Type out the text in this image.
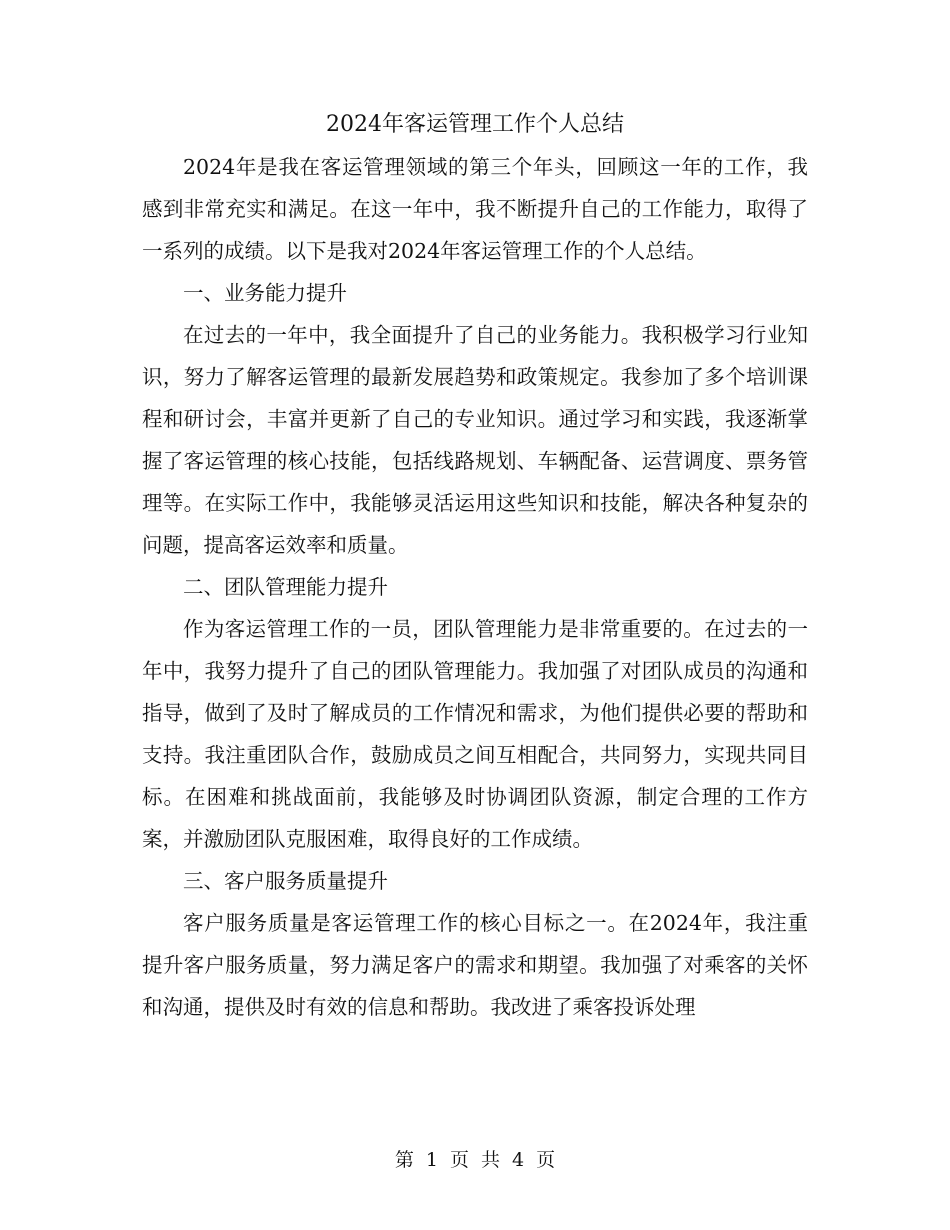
2024年客运管理工作个人总结

2024年是我在客运管理领域的第三个年头，回顾这一年的工作，我感到非常充实和满足。在这一年中，我不断提升自己的工作能力，取得了一系列的成绩。以下是我对2024年客运管理工作的个人总结。

一、业务能力提升

在过去的一年中，我全面提升了自己的业务能力。我积极学习行业知识，努力了解客运管理的最新发展趋势和政策规定。我参加了多个培训课程和研讨会，丰富并更新了自己的专业知识。通过学习和实践，我逐渐掌握了客运管理的核心技能，包括线路规划、车辆配备、运营调度、票务管理等。在实际工作中，我能够灵活运用这些知识和技能，解决各种复杂的问题，提高客运效率和质量。

二、团队管理能力提升

作为客运管理工作的一员，团队管理能力是非常重要的。在过去的一年中，我努力提升了自己的团队管理能力。我加强了对团队成员的沟通和指导，做到了及时了解成员的工作情况和需求，为他们提供必要的帮助和支持。我注重团队合作，鼓励成员之间互相配合，共同努力，实现共同目标。在困难和挑战面前，我能够及时协调团队资源，制定合理的工作方案，并激励团队克服困难，取得良好的工作成绩。

三、客户服务质量提升

客户服务质量是客运管理工作的核心目标之一。在2024年，我注重提升客户服务质量，努力满足客户的需求和期望。我加强了对乘客的关怀和沟通，提供及时有效的信息和帮助。我改进了乘客投诉处理

第 1 页 共 4 页
